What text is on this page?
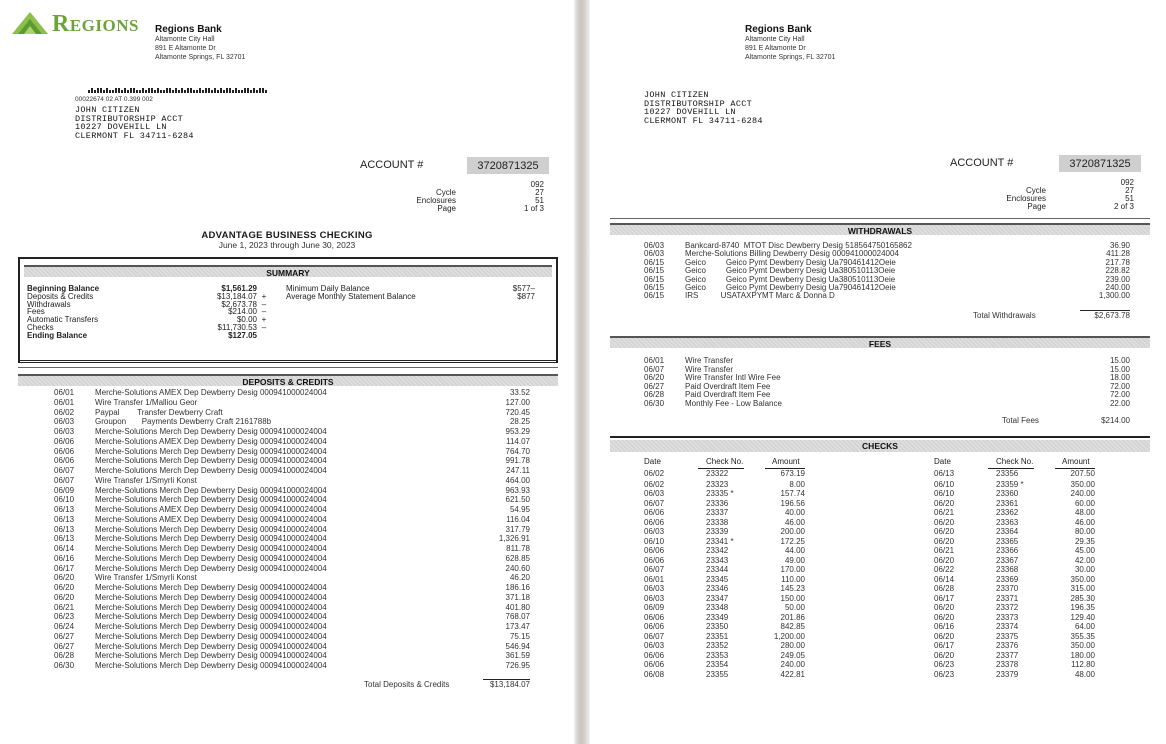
Regions Regions Bank
Altamonte City Hall
891 E Altamonte Dr
Altamonte Springs, FL 32701
00022674 02 AT 0.399 002
JOHN CITIZEN
DISTRIBUTORSHIP ACCT
10227 DOVEHILL LN
CLERMONT FL 34711-6284
ACCOUNT #	3720871325

Cycle
Enclosures
Page
092
27
51
1 of 3
ADVANTAGE BUSINESS CHECKING
June 1, 2023 through June 30, 2023
SUMMARY
Beginning Balance	$1,561.29	Minimum Daily Balance	$577–
Deposits & Credits	$13,184.07 +	Average Monthly Statement Balance	$877
Withdrawals	$2,673.78 –
Fees	$214.00 –
Automatic Transfers	$0.00 +
Checks	$11,730.53 –
Ending Balance	$127.05
DEPOSITS & CREDITS
06/01	Merche-Solutions AMEX Dep Dewberry Desig 000941000024004	33.52
06/01	Wire Transfer 1/Malliou Geor	127.00
06/02	Paypal        Transfer Dewberry Craft	720.45
06/03	Groupon       Payments Dewberry Craft 2161788b	28.25
06/03	Merche-Solutions Merch Dep Dewberry Desig 000941000024004	953.29
06/06	Merche-Solutions AMEX Dep Dewberry Desig 000941000024004	114.07
06/06	Merche-Solutions Merch Dep Dewberry Desig 000941000024004	764.70
06/06	Merche-Solutions Merch Dep Dewberry Desig 000941000024004	991.78
06/07	Merche-Solutions Merch Dep Dewberry Desig 000941000024004	247.11
06/07	Wire Transfer 1/Smyrli Konst	464.00
06/09	Merche-Solutions Merch Dep Dewberry Desig 000941000024004	963.93
06/10	Merche-Solutions Merch Dep Dewberry Desig 000941000024004	621.50
06/13	Merche-Solutions AMEX Dep Dewberry Desig 000941000024004	54.95
06/13	Merche-Solutions AMEX Dep Dewberry Desig 000941000024004	116.04
06/13	Merche-Solutions Merch Dep Dewberry Desig 000941000024004	317.79
06/13	Merche-Solutions Merch Dep Dewberry Desig 000941000024004	1,326.91
06/14	Merche-Solutions Merch Dep Dewberry Desig 000941000024004	811.78
06/16	Merche-Solutions Merch Dep Dewberry Desig 000941000024004	628.85
06/17	Merche-Solutions Merch Dep Dewberry Desig 000941000024004	240.60
06/20	Wire Transfer 1/Smyrli Konst	46.20
06/20	Merche-Solutions Merch Dep Dewberry Desig 000941000024004	186.16
06/20	Merche-Solutions Merch Dep Dewberry Desig 000941000024004	371.18
06/21	Merche-Solutions Merch Dep Dewberry Desig 000941000024004	401.80
06/23	Merche-Solutions Merch Dep Dewberry Desig 000941000024004	768.07
06/24	Merche-Solutions Merch Dep Dewberry Desig 000941000024004	173.47
06/27	Merche-Solutions Merch Dep Dewberry Desig 000941000024004	75.15
06/27	Merche-Solutions Merch Dep Dewberry Desig 000941000024004	546.94
06/28	Merche-Solutions Merch Dep Dewberry Desig 000941000024004	361.59
06/30	Merche-Solutions Merch Dep Dewberry Desig 000941000024004	726.95
Total Deposits & Credits	$13,184.07
Regions Bank
Altamonte City Hall
891 E Altamonte Dr
Altamonte Springs, FL 32701
JOHN CITIZEN
DISTRIBUTORSHIP ACCT
10227 DOVEHILL LN
CLERMONT FL 34711-6284
ACCOUNT #	3720871325

Cycle
Enclosures
Page
092
27
51
2 of 3
WITHDRAWALS
06/03	Bankcard-8740  MTOT Disc Dewberry Desig 518564750165862	36.90
06/03	Merche-Solutions Billing Dewberry Desig 000941000024004	411.28
06/15	Geico         Geico Pymt Dewberry Desig Ua790461412Oeie	217.78
06/15	Geico         Geico Pymt Dewberry Desig Ua380510113Oeie	228.82
06/15	Geico         Geico Pymt Dewberry Desig Ua380510113Oeie	239.00
06/15	Geico         Geico Pymt Dewberry Desig Ua790461412Oeie	240.00
06/15	IRS          USATAXPYMT Marc & Donna D	1,300.00
Total Withdrawals	$2,673.78
FEES
06/01	Wire Transfer	15.00
06/07	Wire Transfer	15.00
06/20	Wire Transfer Intl Wire Fee	18.00
06/27	Paid Overdraft Item Fee	72.00
06/28	Paid Overdraft Item Fee	72.00
06/30	Monthly Fee - Low Balance	22.00
Total Fees	$214.00
CHECKS
Date	Check No.	Amount
06/02	23322	673.19
06/02	23323	8.00
06/03	23335 *	157.74
06/07	23336	196.56
06/06	23337	40.00
06/06	23338	46.00
06/03	23339	200.00
06/10	23341 *	172.25
06/06	23342	44.00
06/06	23343	49.00
06/07	23344	170.00
06/01	23345	110.00
06/03	23346	145.23
06/03	23347	150.00
06/09	23348	50.00
06/06	23349	201.86
06/06	23350	842.85
06/07	23351	1,200.00
06/03	23352	280.00
06/06	23353	249.05
06/06	23354	240.00
06/08	23355	422.81
Date	Check No.	Amount
06/13	23356	207.50
06/10	23359 *	350.00
06/10	23360	240.00
06/20	23361	60.00
06/21	23362	48.00
06/20	23363	46.00
06/20	23364	80.00
06/20	23365	29.35
06/21	23366	45.00
06/20	23367	42.00
06/22	23368	30.00
06/14	23369	350.00
06/28	23370	315.00
06/17	23371	285.30
06/20	23372	196.35
06/20	23373	129.40
06/16	23374	64.00
06/20	23375	355.35
06/17	23376	350.00
06/20	23377	180.00
06/23	23378	112.80
06/23	23379	48.00
